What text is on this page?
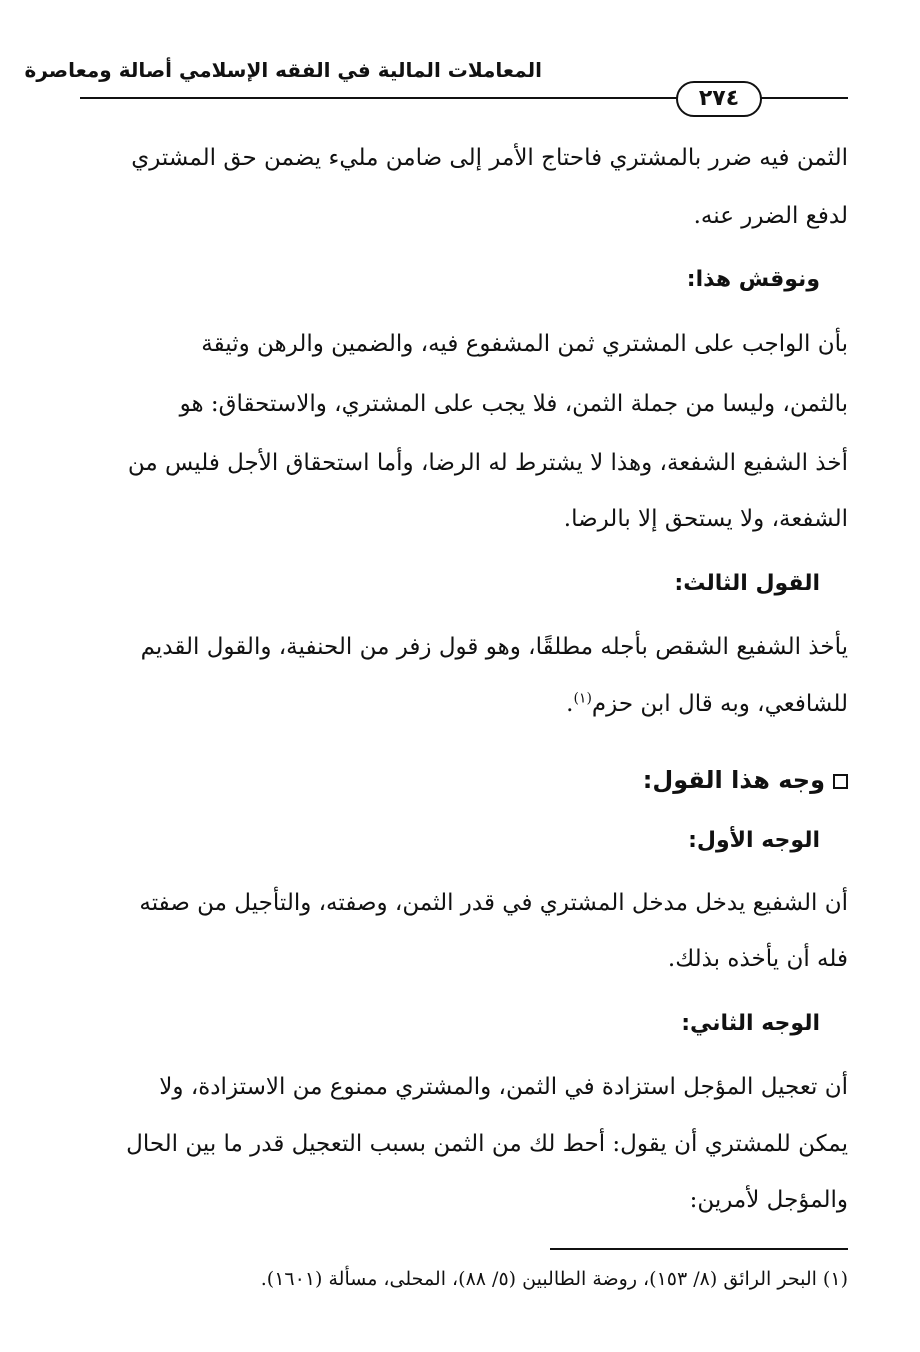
المعاملات المالية في الفقه الإسلامي أصالة ومعاصرة
٢٧٤
الثمن فيه ضرر بالمشتري فاحتاج الأمر إلى ضامن مليء يضمن حق المشتري
لدفع الضرر عنه.
ونوقش هذا:
بأن الواجب على المشتري ثمن المشفوع فيه، والضمين والرهن وثيقة
بالثمن، وليسا من جملة الثمن، فلا يجب على المشتري، والاستحقاق: هو
أخذ الشفيع الشفعة، وهذا لا يشترط له الرضا، وأما استحقاق الأجل فليس من
الشفعة، ولا يستحق إلا بالرضا.
القول الثالث:
يأخذ الشفيع الشقص بأجله مطلقًا، وهو قول زفر من الحنفية، والقول القديم
للشافعي، وبه قال ابن حزم$^{(١)}$.
وجه هذا القول:
الوجه الأول:
أن الشفيع يدخل مدخل المشتري في قدر الثمن، وصفته، والتأجيل من صفته
فله أن يأخذه بذلك.
الوجه الثاني:
أن تعجيل المؤجل استزادة في الثمن، والمشتري ممنوع من الاستزادة، ولا
يمكن للمشتري أن يقول: أحط لك من الثمن بسبب التعجيل قدر ما بين الحال
والمؤجل لأمرين:
(١) البحر الرائق (٨/ ١٥٣)، روضة الطالبين (٥/ ٨٨)، المحلى، مسألة (١٦٠١).
